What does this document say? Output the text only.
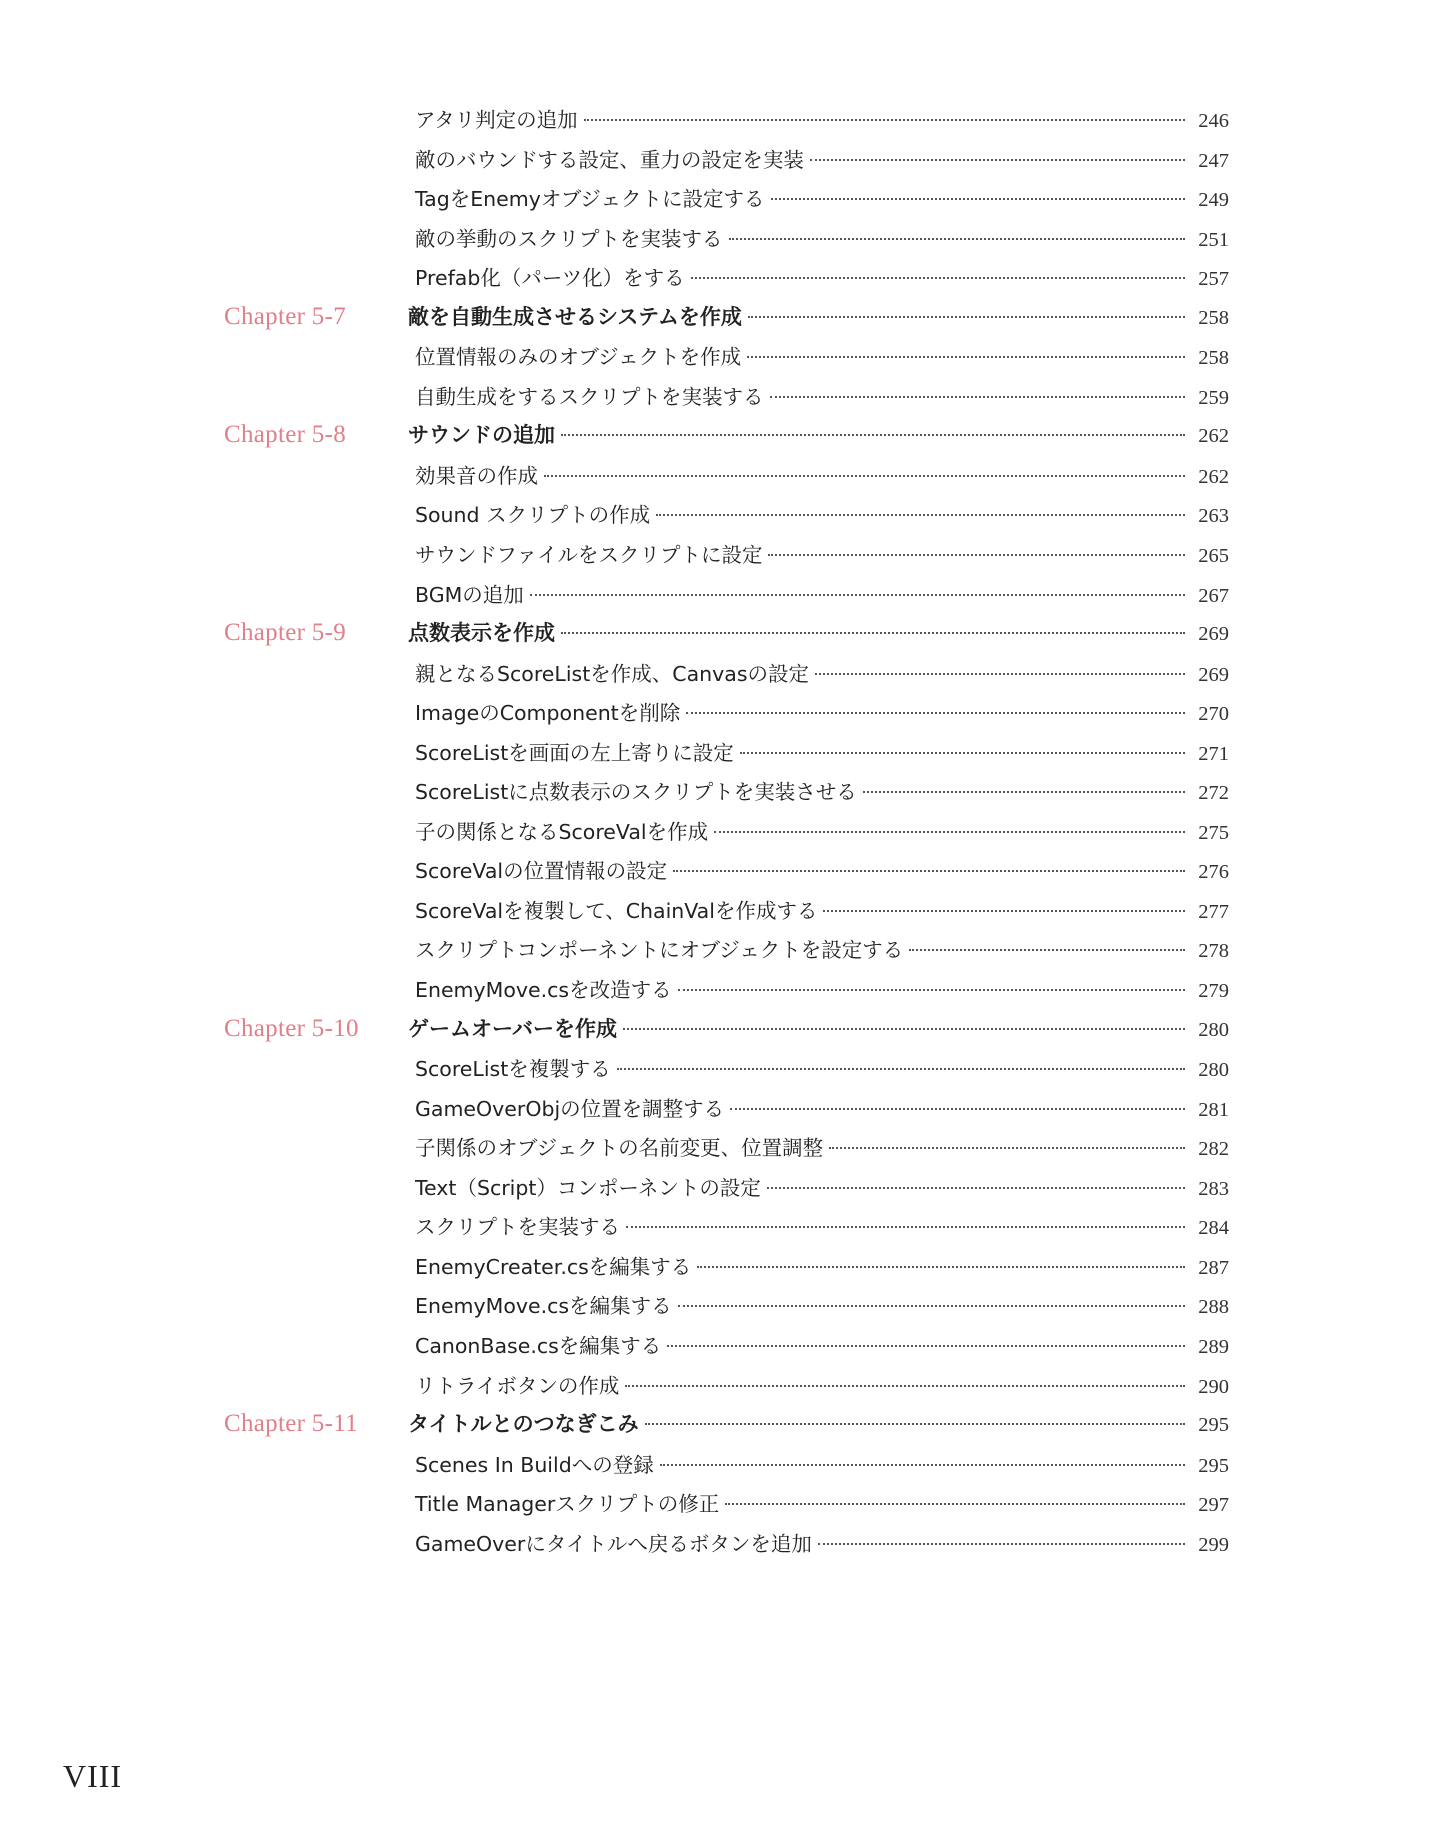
アタリ判定の追加	246
敵のバウンドする設定、重力の設定を実装	247
TagをEnemyオブジェクトに設定する	249
敵の挙動のスクリプトを実装する	251
Prefab化（パーツ化）をする	257
Chapter 5-7	敵を自動生成させるシステムを作成	258
位置情報のみのオブジェクトを作成	258
自動生成をするスクリプトを実装する	259
Chapter 5-8	サウンドの追加	262
効果音の作成	262
Sound スクリプトの作成	263
サウンドファイルをスクリプトに設定	265
BGMの追加	267
Chapter 5-9	点数表示を作成	269
親となるScoreListを作成、Canvasの設定	269
ImageのComponentを削除	270
ScoreListを画面の左上寄りに設定	271
ScoreListに点数表示のスクリプトを実装させる	272
子の関係となるScoreValを作成	275
ScoreValの位置情報の設定	276
ScoreValを複製して、ChainValを作成する	277
スクリプトコンポーネントにオブジェクトを設定する	278
EnemyMove.csを改造する	279
Chapter 5-10	ゲームオーバーを作成	280
ScoreListを複製する	280
GameOverObjの位置を調整する	281
子関係のオブジェクトの名前変更、位置調整	282
Text（Script）コンポーネントの設定	283
スクリプトを実装する	284
EnemyCreater.csを編集する	287
EnemyMove.csを編集する	288
CanonBase.csを編集する	289
リトライボタンの作成	290
Chapter 5-11	タイトルとのつなぎこみ	295
Scenes In Buildへの登録	295
Title Managerスクリプトの修正	297
GameOverにタイトルへ戻るボタンを追加	299
VIII
